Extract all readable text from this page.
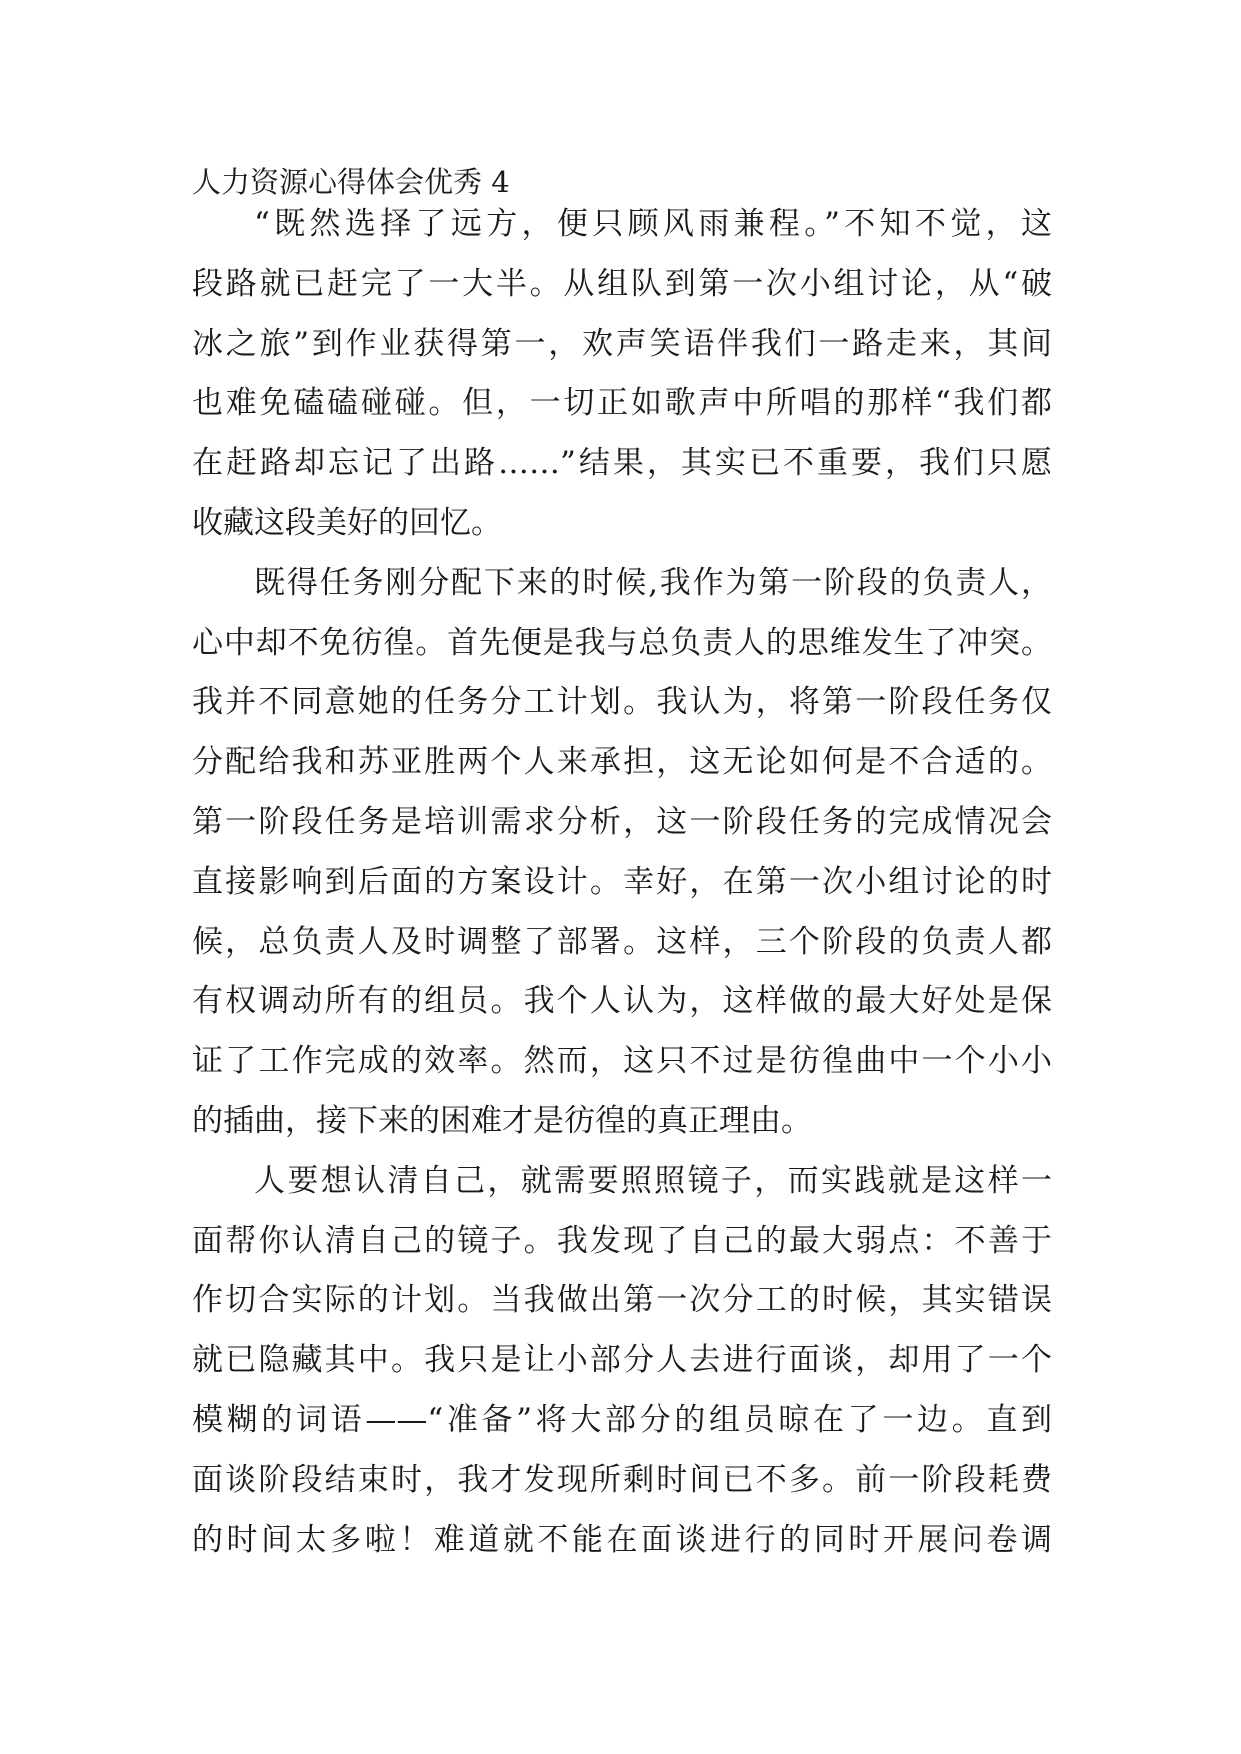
人力资源心得体会优秀 4
“既然选择了远方，便只顾风雨兼程。”不知不觉，这
段路就已赶完了一大半。从组队到第一次小组讨论，从“破
冰之旅”到作业获得第一，欢声笑语伴我们一路走来，其间
也难免磕磕碰碰。但，一切正如歌声中所唱的那样“我们都
在赶路却忘记了出路……”结果，其实已不重要，我们只愿
收藏这段美好的回忆。
既得任务刚分配下来的时候,我作为第一阶段的负责人，
心中却不免彷徨。首先便是我与总负责人的思维发生了冲突。
我并不同意她的任务分工计划。我认为，将第一阶段任务仅
分配给我和苏亚胜两个人来承担，这无论如何是不合适的。
第一阶段任务是培训需求分析，这一阶段任务的完成情况会
直接影响到后面的方案设计。幸好，在第一次小组讨论的时
候，总负责人及时调整了部署。这样，三个阶段的负责人都
有权调动所有的组员。我个人认为，这样做的最大好处是保
证了工作完成的效率。然而，这只不过是彷徨曲中一个小小
的插曲，接下来的困难才是彷徨的真正理由。
人要想认清自己，就需要照照镜子，而实践就是这样一
面帮你认清自己的镜子。我发现了自己的最大弱点：不善于
作切合实际的计划。当我做出第一次分工的时候，其实错误
就已隐藏其中。我只是让小部分人去进行面谈，却用了一个
模糊的词语——“准备”将大部分的组员晾在了一边。直到
面谈阶段结束时，我才发现所剩时间已不多。前一阶段耗费
的时间太多啦！难道就不能在面谈进行的同时开展问卷调
